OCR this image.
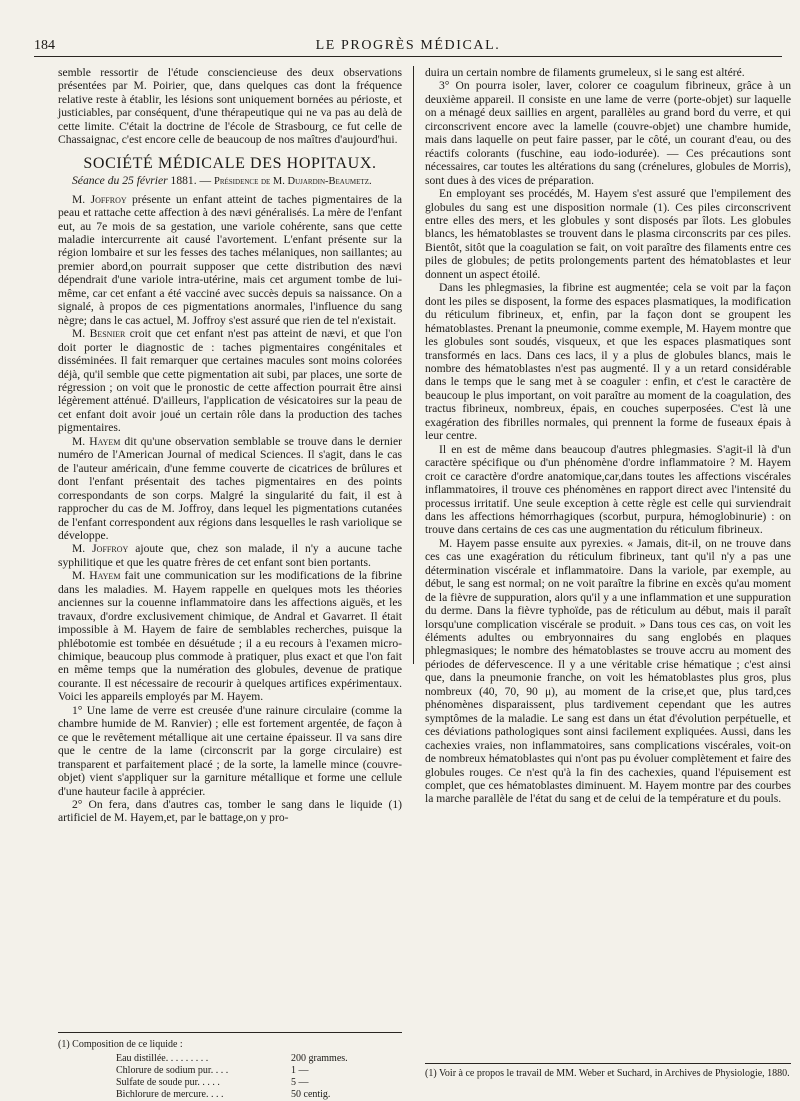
184	LE PROGRÈS MÉDICAL.

semble ressortir de l'étude consciencieuse des deux observations présentées par M. Poirier, que, dans quelques cas dont la fréquence relative reste à établir, les lésions sont uniquement bornées au périoste, et justiciables, par conséquent, d'une thérapeutique qui ne va pas au delà de cette limite. C'était la doctrine de l'école de Strasbourg, ce fut celle de Chassaignac, c'est encore celle de beaucoup de nos maîtres d'aujourd'hui.

SOCIÉTÉ MÉDICALE DES HOPITAUX.

Séance du 25 février 1881. — Présidence de M. Dujardin-Beaumetz.

M. Joffroy présente un enfant atteint de taches pigmentaires de la peau et rattache cette affection à des nævi généralisés. La mère de l'enfant eut, au 7e mois de sa gestation, une variole cohérente, sans que cette maladie intercurrente ait causé l'avortement. L'enfant présente sur la région lombaire et sur les fesses des taches mélaniques, non saillantes; au premier abord,on pourrait supposer que cette distribution des nævi dépendrait d'une variole intra-utérine, mais cet argument tombe de lui-même, car cet enfant a été vacciné avec succès depuis sa naissance. On a signalé, à propos de ces pigmentations anormales, l'influence du sang nègre; dans le cas actuel, M. Joffroy s'est assuré que rien de tel n'existait.

M. Besnier croit que cet enfant n'est pas atteint de nævi, et que l'on doit porter le diagnostic de : taches pigmentaires congénitales et disséminées. Il fait remarquer que certaines macules sont moins colorées déjà, qu'il semble que cette pigmentation ait subi, par places, une sorte de régression ; on voit que le pronostic de cette affection pourrait être ainsi légèrement atténué. D'ailleurs, l'application de vésicatoires sur la peau de cet enfant doit avoir joué un certain rôle dans la production des taches pigmentaires.

M. Hayem dit qu'une observation semblable se trouve dans le dernier numéro de l'American Journal of medical Sciences. Il s'agit, dans le cas de l'auteur américain, d'une femme couverte de cicatrices de brûlures et dont l'enfant présentait des taches pigmentaires en des points correspondants de son corps. Malgré la singularité du fait, il est à rapprocher du cas de M. Joffroy, dans lequel les pigmentations cutanées de l'enfant correspondent aux régions dans lesquelles le rash variolique se développe.

M. Joffroy ajoute que, chez son malade, il n'y a aucune tache syphilitique et que les quatre frères de cet enfant sont bien portants.

M. Hayem fait une communication sur les modifications de la fibrine dans les maladies. M. Hayem rappelle en quelques mots les théories anciennes sur la couenne inflammatoire dans les affections aiguës, et les travaux, d'ordre exclusivement chimique, de Andral et Gavarret. Il était impossible à M. Hayem de faire de semblables recherches, puisque la phlébotomie est tombée en désuétude ; il a eu recours à l'examen micro-chimique, beaucoup plus commode à pratiquer, plus exact et que l'on fait en même temps que la numération des globules, devenue de pratique courante. Il est nécessaire de recourir à quelques artifices expérimentaux. Voici les appareils employés par M. Hayem.

1° Une lame de verre est creusée d'une rainure circulaire (comme la chambre humide de M. Ranvier) ; elle est fortement argentée, de façon à ce que le revêtement métallique ait une certaine épaisseur. Il va sans dire que le centre de la lame (circonscrit par la gorge circulaire) est transparent et parfaitement placé ; de la sorte, la lamelle mince (couvre-objet) vient s'appliquer sur la garniture métallique et forme une cellule d'une hauteur facile à apprécier.

2° On fera, dans d'autres cas, tomber le sang dans le liquide (1) artificiel de M. Hayem,et, par le battage,on y pro-

duira un certain nombre de filaments grumeleux, si le sang est altéré.

3° On pourra isoler, laver, colorer ce coagulum fibrineux, grâce à un deuxième appareil. Il consiste en une lame de verre (porte-objet) sur laquelle on a ménagé deux saillies en argent, parallèles au grand bord du verre, et qui circonscrivent encore avec la lamelle (couvre-objet) une chambre humide, mais dans laquelle on peut faire passer, par le côté, un courant d'eau, ou des réactifs colorants (fuschine, eau iodo-iodurée). — Ces précautions sont nécessaires, car toutes les altérations du sang (crénelures, globules de Morris), sont dues à des vices de préparation.

En employant ses procédés, M. Hayem s'est assuré que l'empilement des globules du sang est une disposition normale (1). Ces piles circonscrivent entre elles des mers, et les globules y sont disposés par îlots. Les globules blancs, les hématoblastes se trouvent dans le plasma circonscrits par ces piles. Bientôt, sitôt que la coagulation se fait, on voit paraître des filaments entre ces piles de globules; de petits prolongements partent des hématoblastes et leur donnent un aspect étoilé.

Dans les phlegmasies, la fibrine est augmentée; cela se voit par la façon dont les piles se disposent, la forme des espaces plasmatiques, la modification du réticulum fibrineux, et, enfin, par la façon dont se groupent les hématoblastes. Prenant la pneumonie, comme exemple, M. Hayem montre que les globules sont soudés, visqueux, et que les espaces plasmatiques sont transformés en lacs. Dans ces lacs, il y a plus de globules blancs, mais le nombre des hématoblastes n'est pas augmenté. Il y a un retard considérable dans le temps que le sang met à se coaguler : enfin, et c'est le caractère de beaucoup le plus important, on voit paraître au moment de la coagulation, des tractus fibrineux, nombreux, épais, en couches superposées. C'est là une exagération des fibrilles normales, qui prennent la forme de fuseaux épais à leur centre.

Il en est de même dans beaucoup d'autres phlegmasies. S'agit-il là d'un caractère spécifique ou d'un phénomène d'ordre inflammatoire ? M. Hayem croit ce caractère d'ordre anatomique,car,dans toutes les affections viscérales inflammatoires, il trouve ces phénomènes en rapport direct avec l'intensité du processus irritatif. Une seule exception à cette règle est celle qui surviendrait dans les affections hémorrhagiques (scorbut, purpura, hémoglobinurie) : on trouve dans certains de ces cas une augmentation du réticulum fibrineux.

M. Hayem passe ensuite aux pyrexies. « Jamais, dit-il, on ne trouve dans ces cas une exagération du réticulum fibrineux, tant qu'il n'y a pas une détermination viscérale et inflammatoire. Dans la variole, par exemple, au début, le sang est normal; on ne voit paraître la fibrine en excès qu'au moment de la fièvre de suppuration, alors qu'il y a une inflammation et une suppuration du derme. Dans la fièvre typhoïde, pas de réticulum au début, mais il paraît lorsqu'une complication viscérale se produit. » Dans tous ces cas, on voit les éléments adultes ou embryonnaires du sang englobés en plaques phlegmasiques; le nombre des hématoblastes se trouve accru au moment des périodes de défervescence. Il y a une véritable crise hématique ; c'est ainsi que, dans la pneumonie franche, on voit les hématoblastes plus gros, plus nombreux (40, 70, 90 μ), au moment de la crise,et que, plus tard,ces phénomènes disparaissent, plus tardivement cependant que les autres symptômes de la maladie. Le sang est dans un état d'évolution perpétuelle, et ces déviations pathologiques sont ainsi facilement expliquées. Aussi, dans les cachexies vraies, non inflammatoires, sans complications viscérales, voit-on de nombreux hématoblastes qui n'ont pas pu évoluer complètement et faire des globules rouges. Ce n'est qu'à la fin des cachexies, quand l'épuisement est complet, que ces hématoblastes diminuent. M. Hayem montre par des courbes la marche parallèle de l'état du sang et de celui de la température et du pouls.

(1) Composition de ce liquide :
Eau distillée. . . . . . . . .	200 grammes.
Chlorure de sodium pur. . . .	1 —
Sulfate de soude pur. . . . .	5 —
Bichlorure de mercure. . . .	50 centig.
(1) Voir à ce propos le travail de MM. Weber et Suchard, in Archives de Physiologie, 1880.
